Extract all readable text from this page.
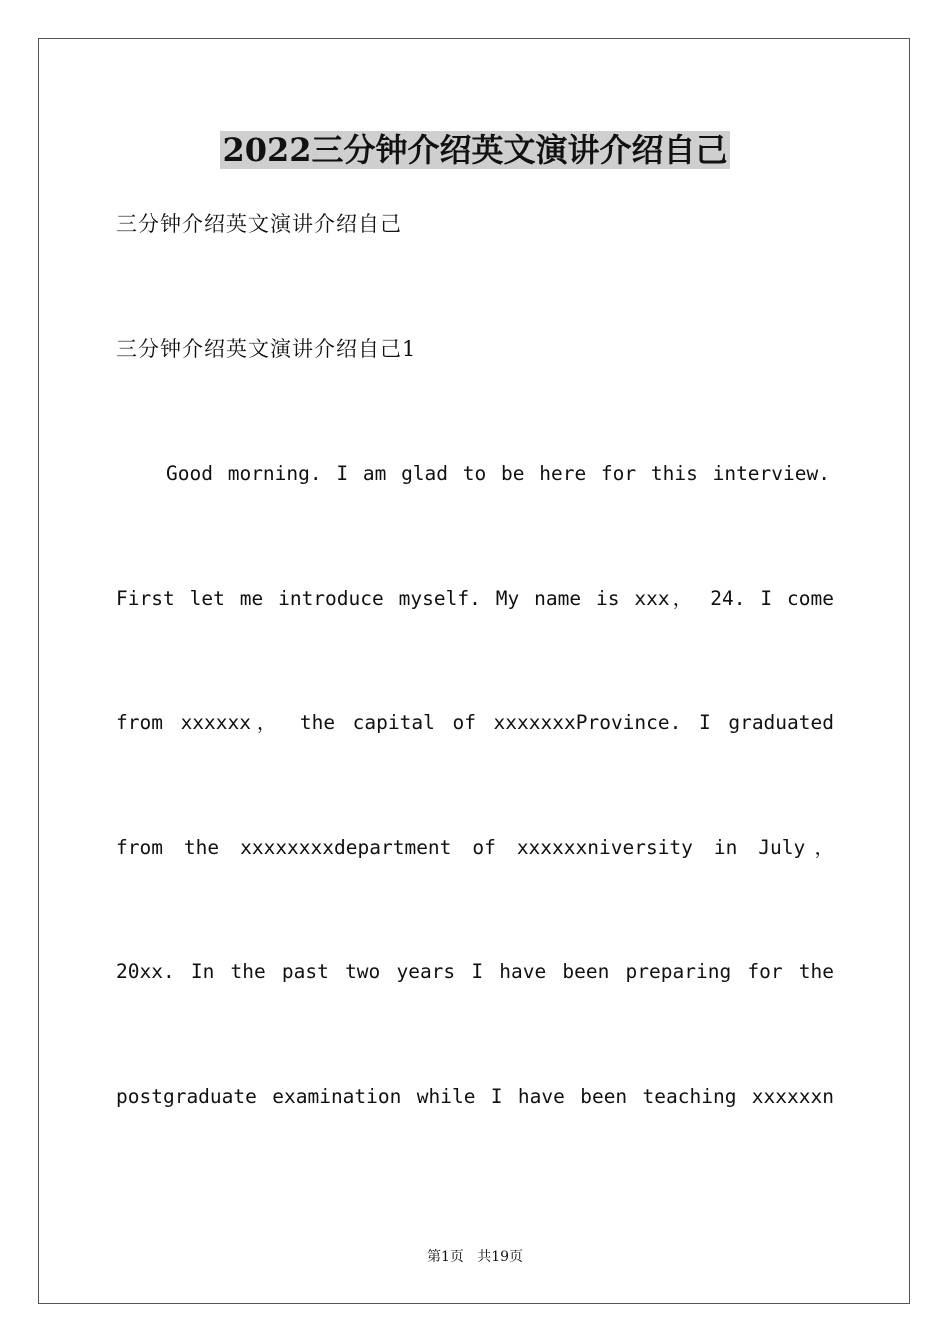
2022三分钟介绍英文演讲介绍自己

三分钟介绍英文演讲介绍自己

三分钟介绍英文演讲介绍自己1

Good morning. I am glad to be here for this interview.

First let me introduce myself. My name is xxx， 24. I come

from xxxxxx， the capital of xxxxxxxProvince. I graduated

from the xxxxxxxxdepartment of xxxxxxniversity in July，

20xx. In the past two years I have been preparing for the

postgraduate examination while I have been teaching xxxxxxn

第1页   共19页
